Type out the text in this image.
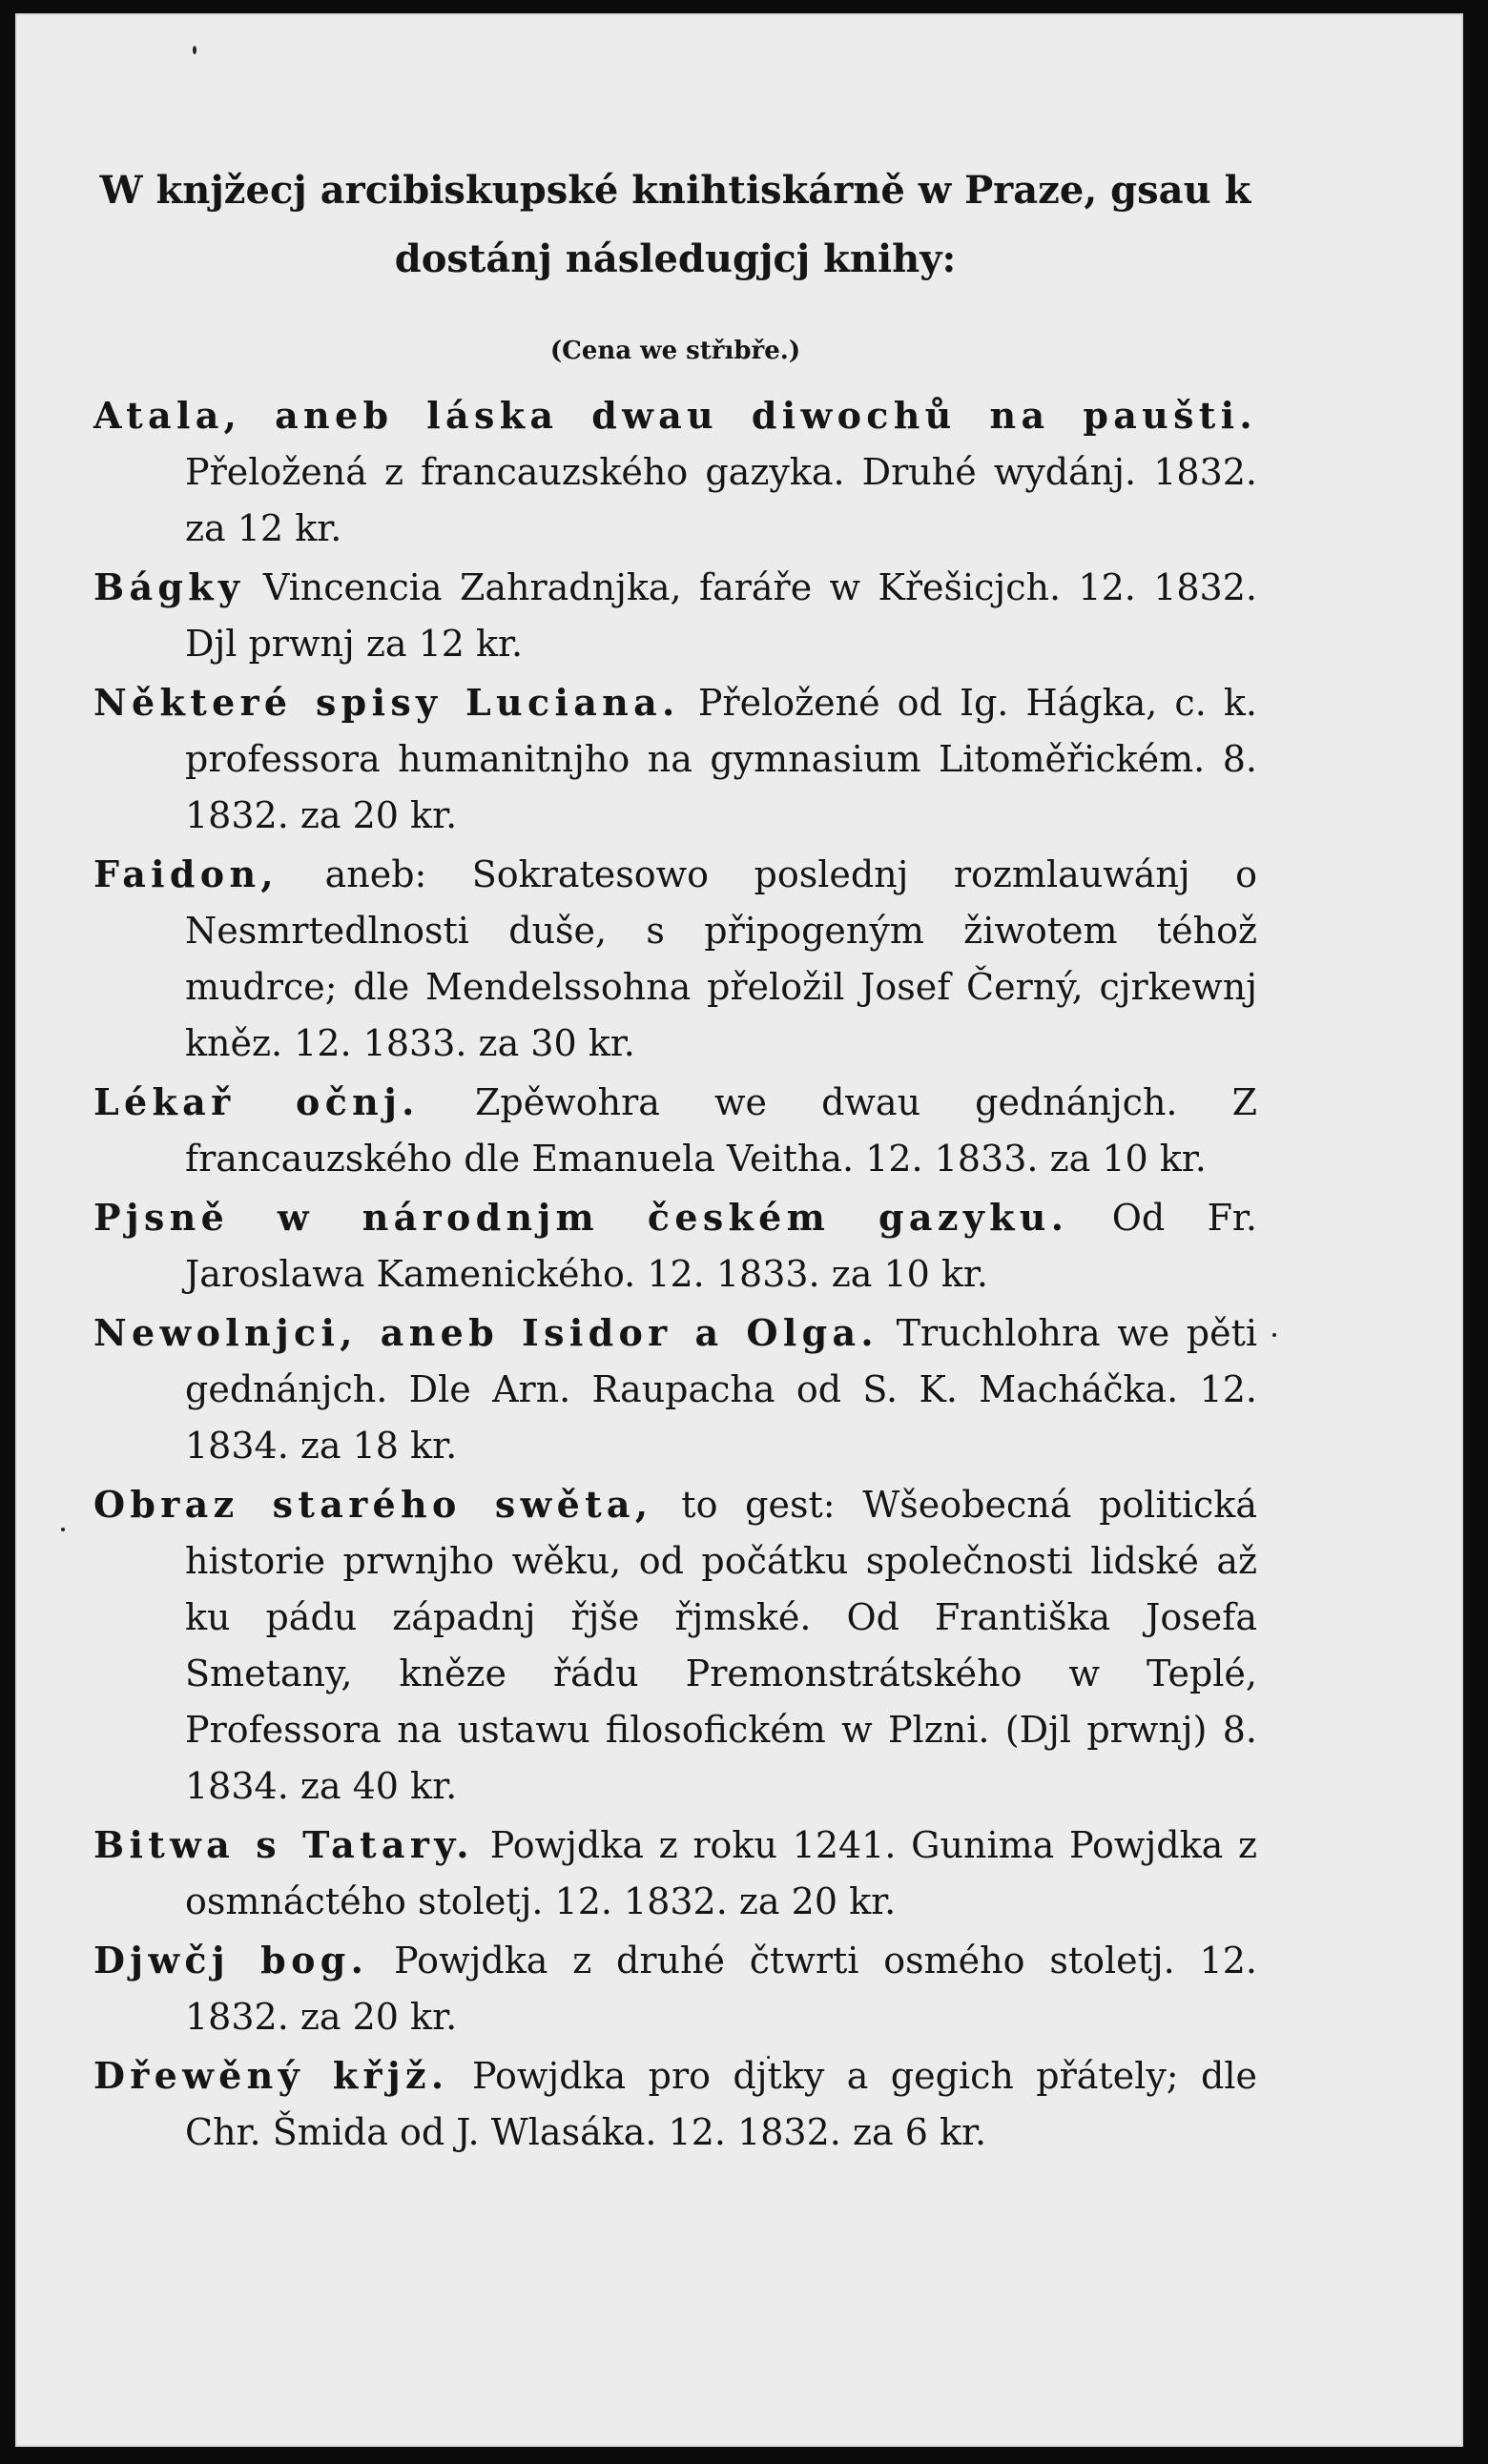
W knjžecj arcibiskupské knihtiskárně w Praze, gsau k
dostánj následugjcj knihy:
(Cena we střıbře.)
Atala, aneb láska dwau diwochů na paušti.Přeložená z francauzského gazyka. Druhé wydánj. 1832. za 12 kr.
Bágky Vincencia Zahradnjka, faráře w Křešicjch. 12. 1832. Djl prwnj za 12 kr.
Některé spisy Luciana. Přeložené od Ig. Hágka, c. k. professora humanitnjho na gymnasium Litoměřickém. 8. 1832. za 20 kr.
Faidon, aneb: Sokratesowo poslednj rozmlauwánj o Nesmrtedlnosti duše, s připogeným žiwotem téhož mudrce; dle Mendelssohna přeložil Josef Černý, cjrkewnj kněz. 12. 1833. za 30 kr.
Lékař očnj. Zpěwohra we dwau gednánjch. Z francauzského dle Emanuela Veitha. 12. 1833. za 10 kr.
Pjsně w národnjm českém gazyku. Od Fr. Jaroslawa Kamenického. 12. 1833. za 10 kr.
Newolnjci, aneb Isidor a Olga. Truchlohra we pěti gednánjch. Dle Arn. Raupacha od S. K. Macháčka. 12. 1834. za 18 kr.
Obraz starého swěta, to gest: Wšeobecná politická historie prwnjho wěku, od počátku společnosti lidské až ku pádu západnj řjše řjmské. Od Františka Josefa Smetany, kněze řádu Premonstrátského w Teplé, Professora na ustawu filosofickém w Plzni. (Djl prwnj) 8. 1834. za 40 kr.
Bitwa s Tatary. Powjdka z roku 1241. Gunima Powjdka z osmnáctého stoletj. 12. 1832. za 20 kr.
Djwčj bog. Powjdka z druhé čtwrti osmého stoletj. 12. 1832. za 20 kr.
Dřewěný křjž. Powjdka pro djtky a gegich přátely; dle Chr. Šmida od J. Wlasáka. 12. 1832. za 6 kr.
